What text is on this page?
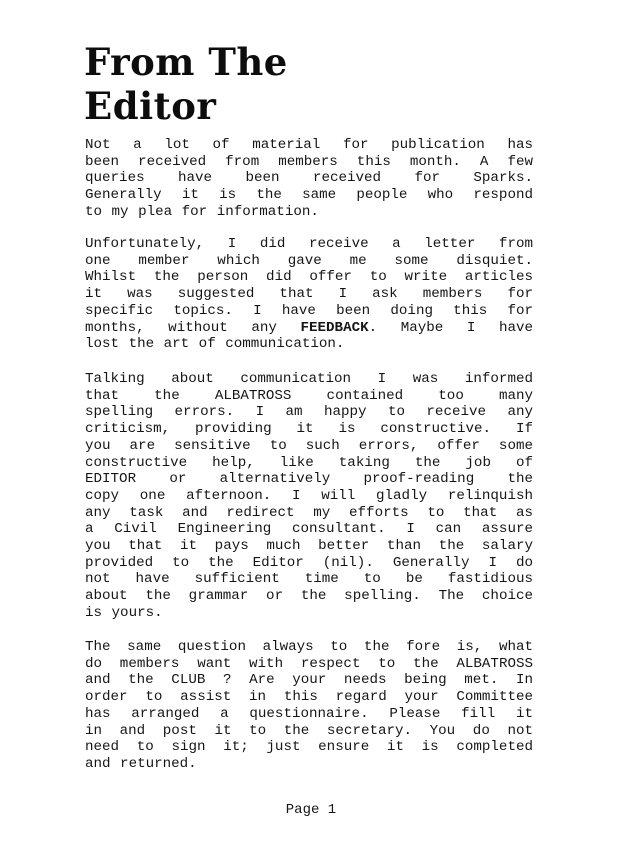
From The
Editor

Not a lot of material for publication has
been received from members this month. A few
queries have been received for Sparks.
Generally it is the same people who respond
to my plea for information.

Unfortunately, I did receive a letter from
one member which gave me some disquiet.
Whilst the person did offer to write articles
it was suggested that I ask members for
specific topics. I have been doing this for
months, without any FEEDBACK. Maybe I have
lost the art of communication.

Talking about communication I was informed
that the ALBATROSS contained too many
spelling errors. I am happy to receive any
criticism, providing it is constructive. If
you are sensitive to such errors, offer some
constructive help, like taking the job of
EDITOR or alternatively proof-reading the
copy one afternoon. I will gladly relinquish
any task and redirect my efforts to that as
a Civil Engineering consultant. I can assure
you that it pays much better than the salary
provided to the Editor (nil). Generally I do
not have sufficient time to be fastidious
about the grammar or the spelling. The choice
is yours.

The same question always to the fore is, what
do members want with respect to the ALBATROSS
and the CLUB ? Are your needs being met. In
order to assist in this regard your Committee
has arranged a questionnaire. Please fill it
in and post it to the secretary. You do not
need to sign it; just ensure it is completed
and returned.

Page 1
